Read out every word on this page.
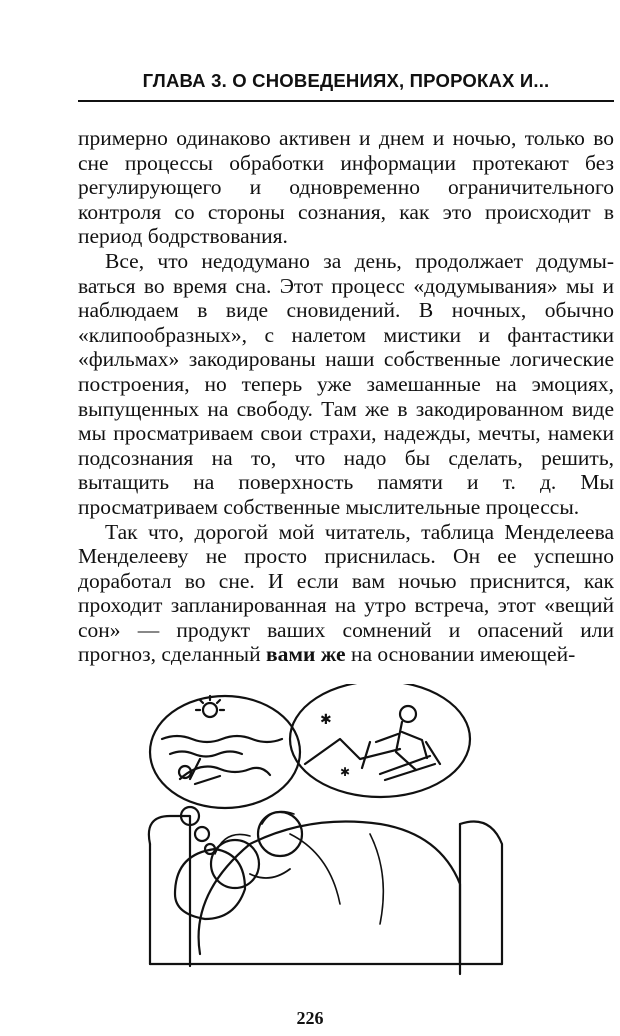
ГЛАВА 3. О СНОВЕДЕНИЯХ, ПРОРОКАХ И...

примерно одинаково активен и днем и ночью, только во сне процессы обработки информации протекают без регулирующего и одновременно ограничительного контроля со стороны сознания, как это происходит в период бодрствования.

Все, что недодумано за день, продолжает додумываться во время сна. Этот процесс «додумывания» мы и наблюдаем в виде сновидений. В ночных, обычно «клипообразных», с налетом мистики и фантастики «фильмах» закодированы наши собственные логические построения, но теперь уже замешанные на эмоциях, выпущенных на свободу. Там же в закодированном виде мы просматриваем свои страхи, надежды, мечты, намеки подсознания на то, что надо бы сделать, решить, вытащить на поверхность памяти и т. д. Мы просматриваем собственные мыслительные процессы.

Так что, дорогой мой читатель, таблица Менделеева Менделееву не просто приснилась. Он ее успешно доработал во сне. И если вам ночью приснится, как проходит запланированная на утро встреча, этот «вещий сон» — продукт ваших сомнений и опасений или прогноз, сделанный вами же на основании имеющей-

✱
✱
226
